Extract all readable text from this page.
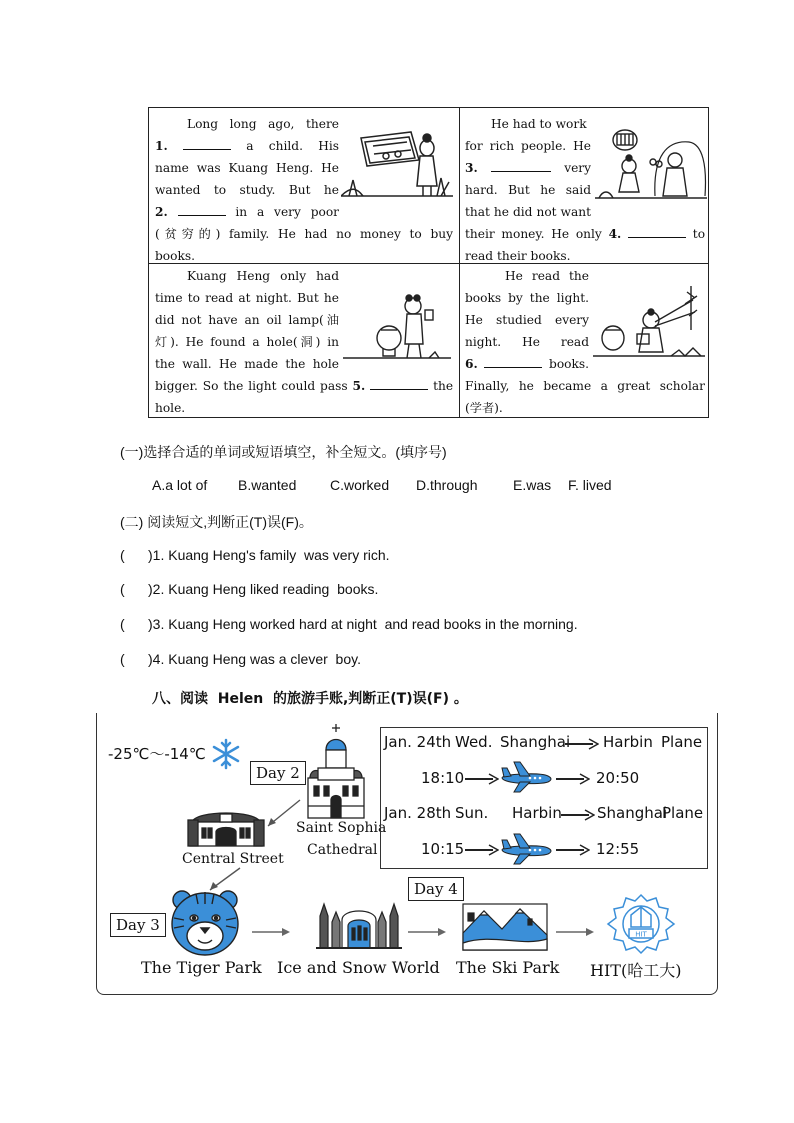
Long long ago, there

1.	a child. His

name was Kuang Heng. He

wanted to study. But he

2.	in a very poor

(贫穷的) family. He had no money to buy

books.

He had to work

for rich people. He

3.	very

hard. But he said

that he did not want

their money. He only 4.	to

read their books.

Kuang Heng only had

time to read at night. But he

did not have an oil lamp(油

灯). He found a hole(洞) in

the wall. He made the hole

bigger. So the light could pass 5.	the

hole.

He read the

books by the light.

He studied every

night. He read

6.	books.

Finally, he became a great scholar

(学者).

(一)选择合适的单词或短语填空，补全短文。(填序号)
A.a lot of B.wanted C.worked D.through	E.was F. lived
(二) 阅读短文,判断正(T)误(F)。
(      )1. Kuang Heng's family  was very rich.
(      )2. Kuang Heng liked reading  books.
(      )3. Kuang Heng worked hard at night  and read books in the morning.
(      )4. Kuang Heng was a clever  boy.
八、阅读  Helen  的旅游手账,判断正(T)误(F) 。
-25℃～-14℃
Day 2
Saint Sophia
Cathedral
Central Street
Jan. 24th Wed. Shanghai Harbin Plane
18:10	20:50
Jan. 28th Sun. Harbin Shanghai
Plane
10:15	12:55
Day 4
Day 3
HIT
The Tiger Park Ice and Snow World The Ski Park HIT(哈工大)
